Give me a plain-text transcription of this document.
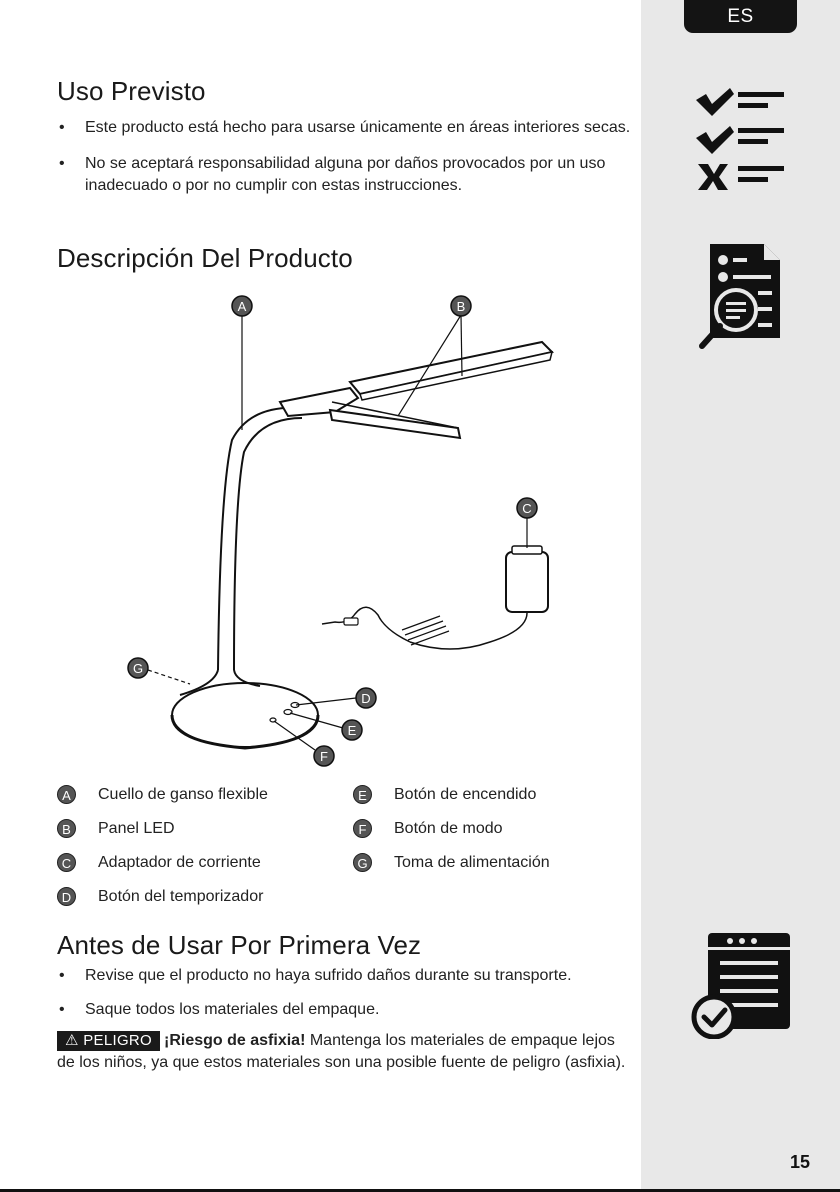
ES
Uso Previsto
• Este producto está hecho para usarse únicamente en áreas interiores secas.
• No se aceptará responsabilidad alguna por daños provocados por un uso inadecuado o por no cumplir con estas instrucciones.
Descripción Del Producto
A	B
C
D
E
F
G
A	Cuello de ganso flexible
B	Panel LED
C	Adaptador de corriente
D	Botón del temporizador
E	Botón de encendido
F	Botón de modo
G Toma de alimentación
Antes de Usar Por Primera Vez
• Revise que el producto no haya sufrido daños durante su transporte.
• Saque todos los materiales del empaque.
⚠ PELIGRO ¡Riesgo de asfixia! Mantenga los materiales de empaque lejos de los niños, ya que estos materiales son una posible fuente de peligro (asfixia).
15
